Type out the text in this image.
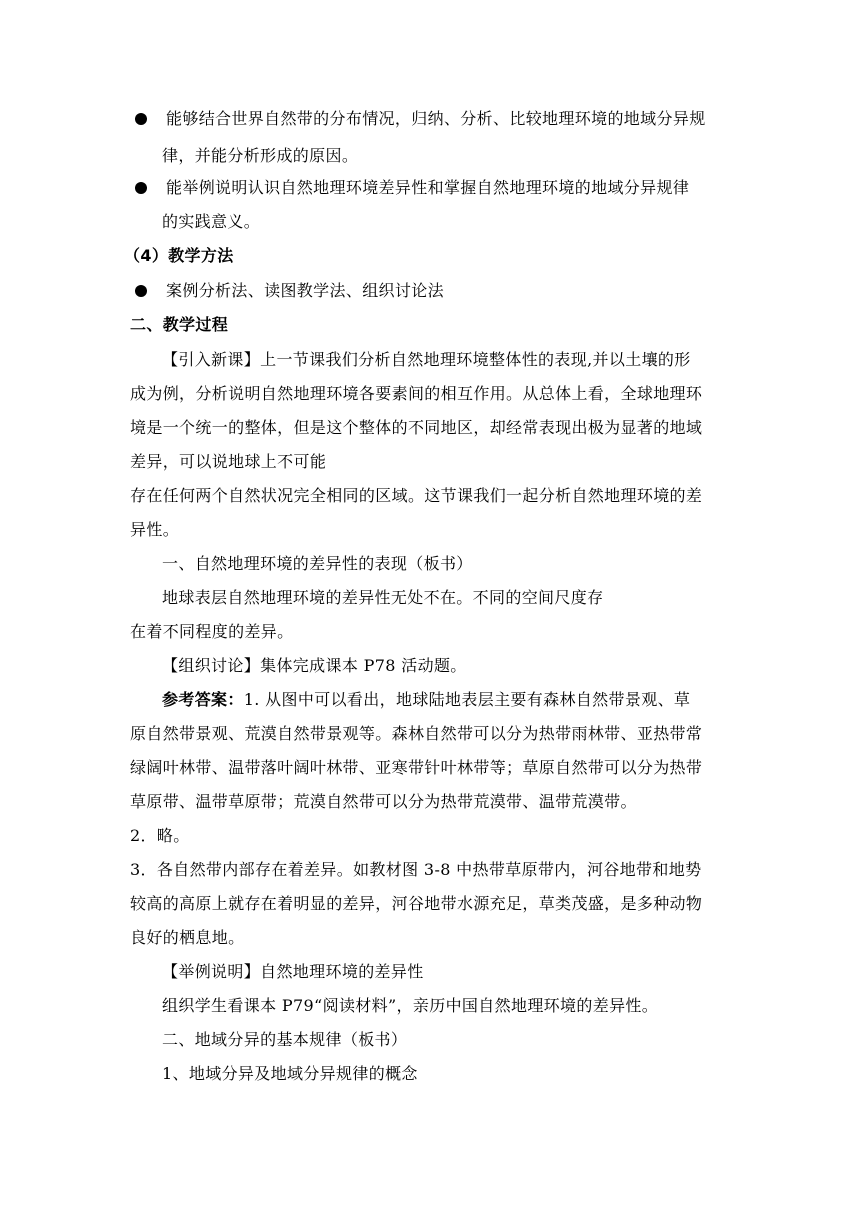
能够结合世界自然带的分布情况，归纳、分析、比较地理环境的地域分异规
律，并能分析形成的原因。
能举例说明认识自然地理环境差异性和掌握自然地理环境的地域分异规律
的实践意义。
（4）教学方法
案例分析法、读图教学法、组织讨论法
二、教学过程
【引入新课】上一节课我们分析自然地理环境整体性的表现,并以土壤的形
成为例，分析说明自然地理环境各要素间的相互作用。从总体上看，全球地理环
境是一个统一的整体，但是这个整体的不同地区，却经常表现出极为显著的地域
差异，可以说地球上不可能
存在任何两个自然状况完全相同的区域。这节课我们一起分析自然地理环境的差
异性。
一、自然地理环境的差异性的表现（板书）
地球表层自然地理环境的差异性无处不在。不同的空间尺度存
在着不同程度的差异。
【组织讨论】集体完成课本 P78 活动题。
参考答案：1. 从图中可以看出，地球陆地表层主要有森林自然带景观、草
原自然带景观、荒漠自然带景观等。森林自然带可以分为热带雨林带、亚热带常
绿阔叶林带、温带落叶阔叶林带、亚寒带针叶林带等；草原自然带可以分为热带
草原带、温带草原带；荒漠自然带可以分为热带荒漠带、温带荒漠带。
2．略。
3．各自然带内部存在着差异。如教材图 3-8 中热带草原带内，河谷地带和地势
较高的高原上就存在着明显的差异，河谷地带水源充足，草类茂盛，是多种动物
良好的栖息地。
【举例说明】自然地理环境的差异性
组织学生看课本 P79“阅读材料”，亲历中国自然地理环境的差异性。
二、地域分异的基本规律（板书）
1、地域分异及地域分异规律的概念
